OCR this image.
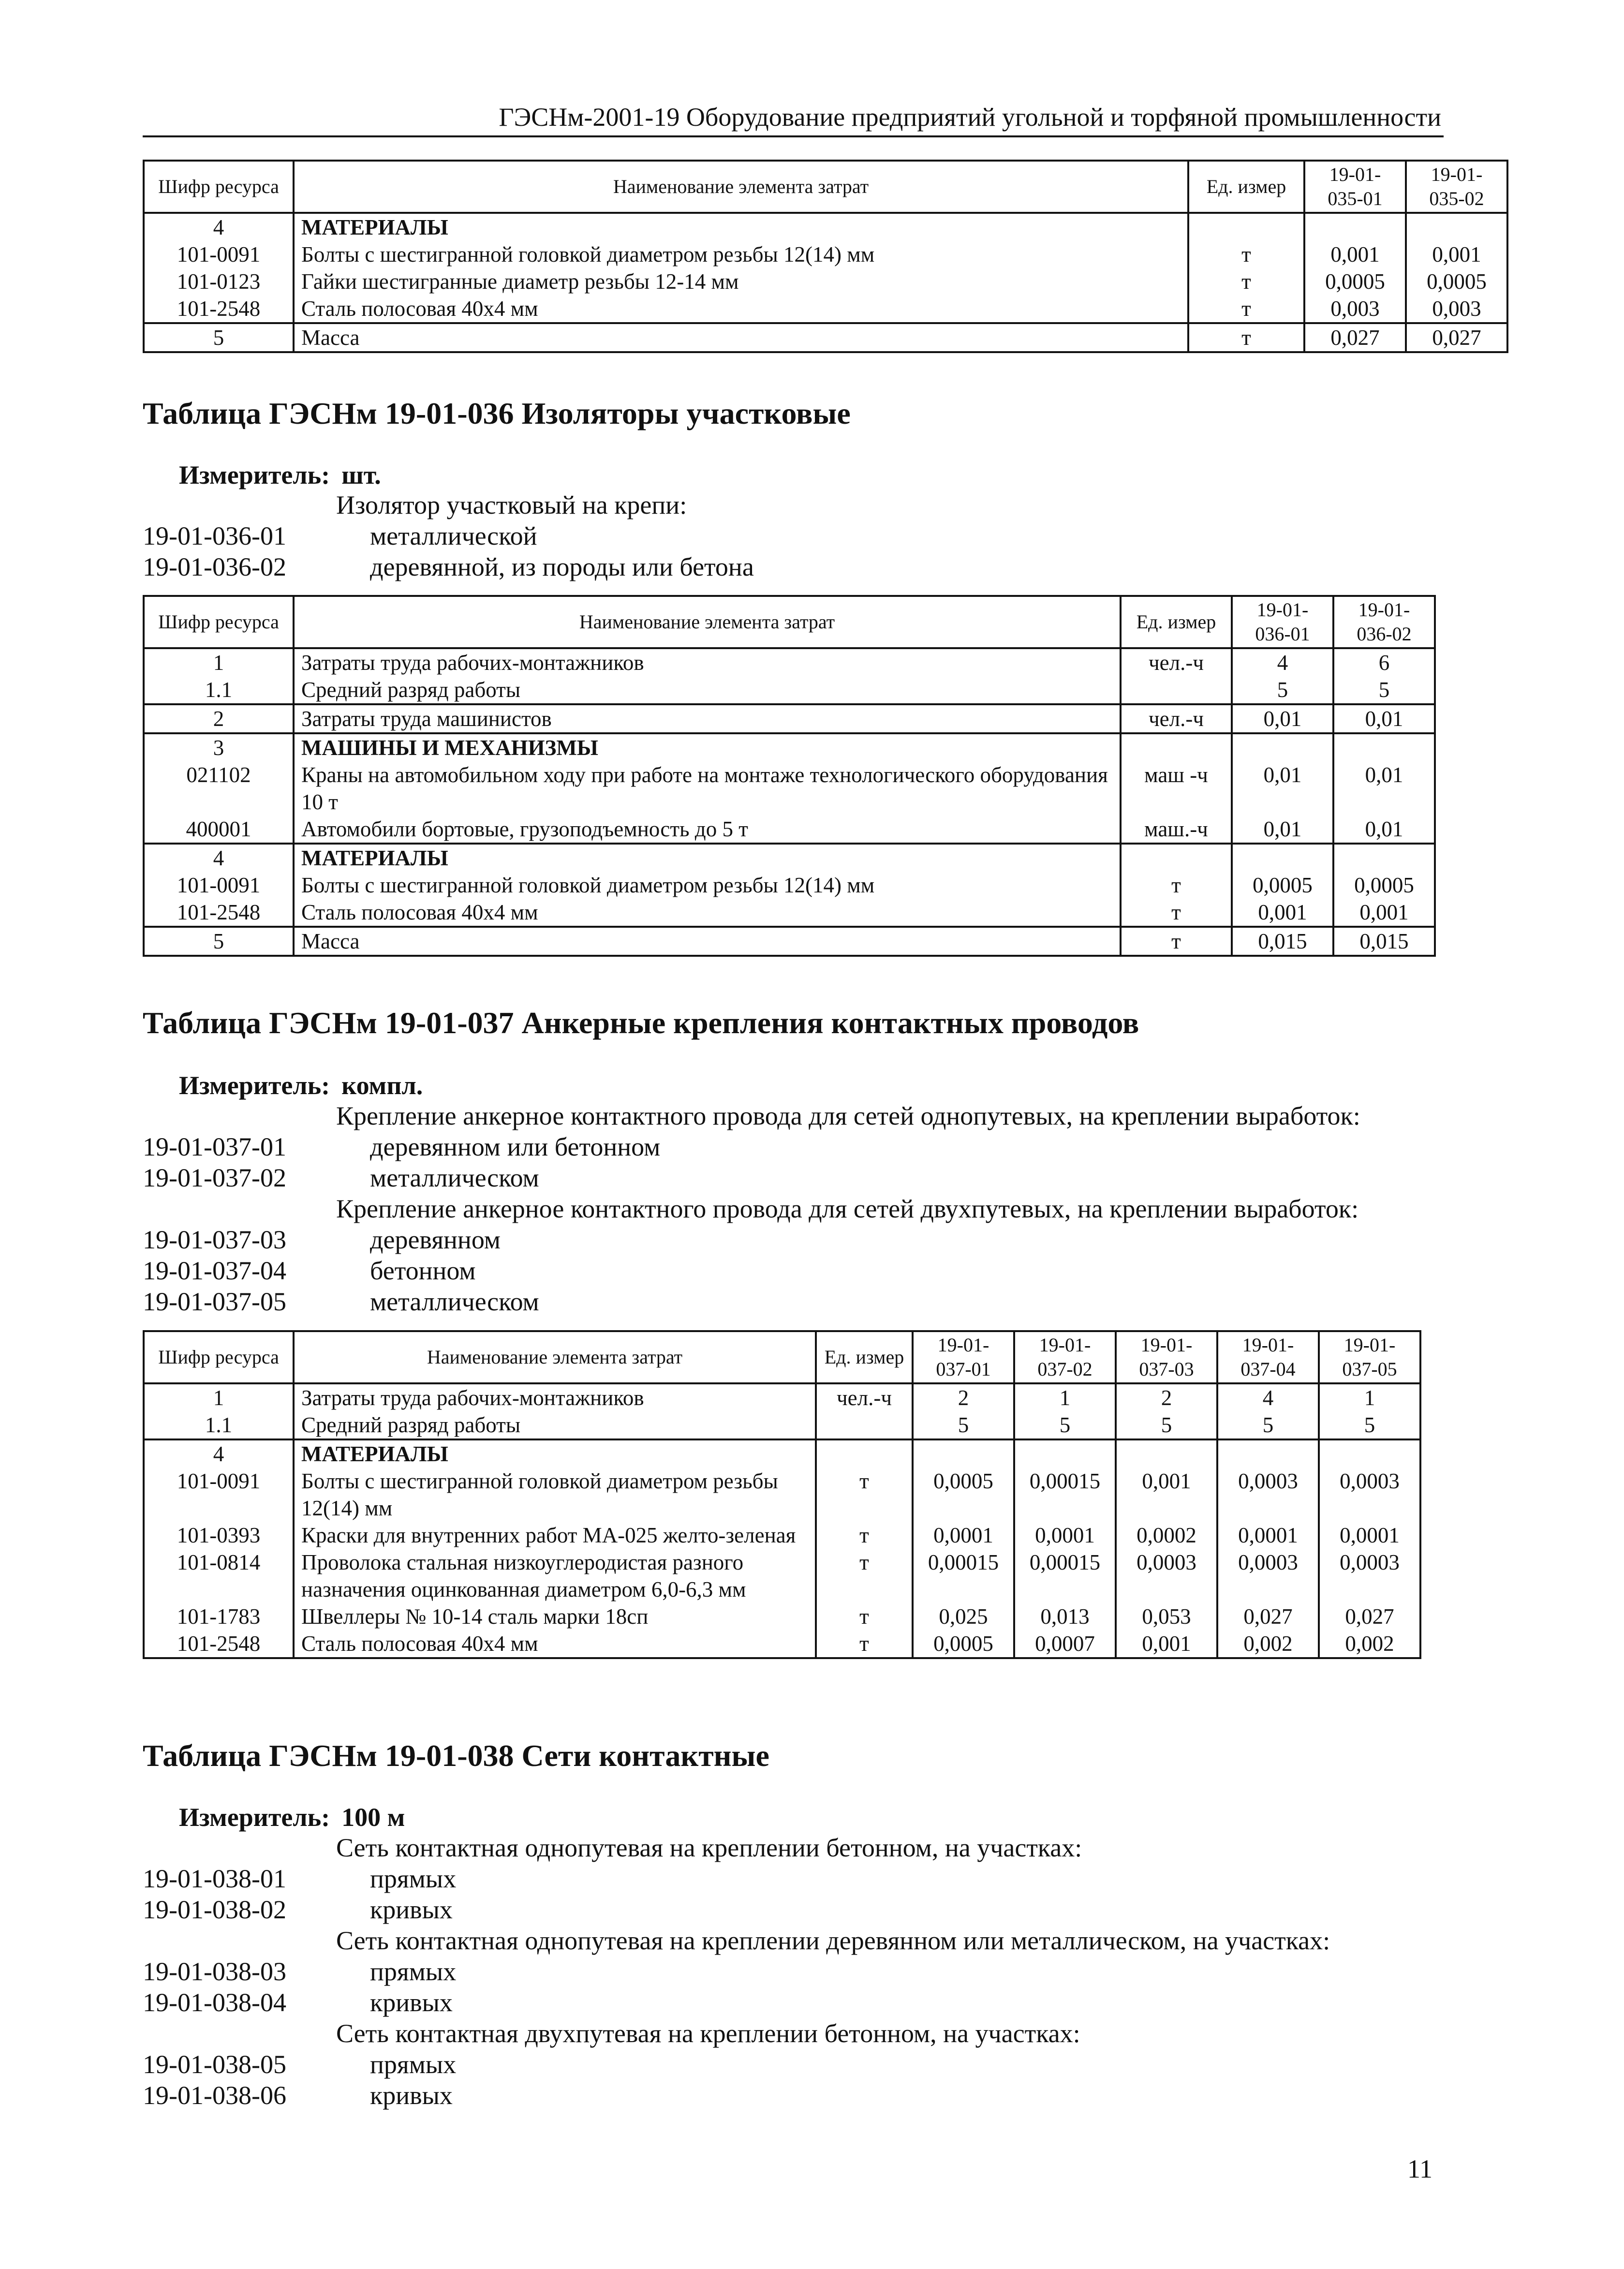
ГЭСНм-2001-19 Оборудование предприятий угольной и торфяной промышленности
Шифр ресурса	Наименование элемента затрат	Ед. измер	19-01-035-01	19-01-035-02
4	МАТЕРИАЛЫ			
101-0091	Болты с шестигранной головкой диаметром резьбы 12(14) мм	т	0,001	0,001
101-0123	Гайки шестигранные диаметр резьбы 12-14 мм	т	0,0005	0,0005
101-2548	Сталь полосовая 40х4 мм	т	0,003	0,003
5	Масса	т	0,027	0,027
Таблица ГЭСНм 19-01-036 Изоляторы участковые
Измеритель: шт.
Изолятор участковый на крепи:
19-01-036-01	металлической
19-01-036-02	деревянной, из породы или бетона
Шифр ресурса	Наименование элемента затрат	Ед. измер	19-01-036-01	19-01-036-02
1	Затраты труда рабочих-монтажников	чел.-ч	4	6
1.1	Средний разряд работы		5	5
2	Затраты труда машинистов	чел.-ч	0,01	0,01
3	МАШИНЫ И МЕХАНИЗМЫ			
021102	Краны на автомобильном ходу при работе на монтаже технологического оборудования 10 т	маш -ч	0,01	0,01
400001	Автомобили бортовые, грузоподъемность до 5 т	маш.-ч	0,01	0,01
4	МАТЕРИАЛЫ			
101-0091	Болты с шестигранной головкой диаметром резьбы 12(14) мм	т	0,0005	0,0005
101-2548	Сталь полосовая 40х4 мм	т	0,001	0,001
5	Масса	т	0,015	0,015
Таблица ГЭСНм 19-01-037 Анкерные крепления контактных проводов
Измеритель: компл.
Крепление анкерное контактного провода для сетей однопутевых, на креплении выработок:
19-01-037-01	деревянном или бетонном
19-01-037-02	металлическом
Крепление анкерное контактного провода для сетей двухпутевых, на креплении выработок:
19-01-037-03	деревянном
19-01-037-04	бетонном
19-01-037-05	металлическом
Шифр ресурса	Наименование элемента затрат	Ед. измер	19-01-037-01	19-01-037-02	19-01-037-03	19-01-037-04	19-01-037-05
1	Затраты труда рабочих-монтажников	чел.-ч	2	1	2	4	1
1.1	Средний разряд работы		5	5	5	5	5
4	МАТЕРИАЛЫ						
101-0091	Болты с шестигранной головкой диаметром резьбы 12(14) мм	т	0,0005	0,00015	0,001	0,0003	0,0003
101-0393	Краски для внутренних работ МА-025 желто-зеленая	т	0,0001	0,0001	0,0002	0,0001	0,0001
101-0814	Проволока стальная низкоуглеродистая разного назначения оцинкованная диаметром 6,0-6,3 мм	т	0,00015	0,00015	0,0003	0,0003	0,0003
101-1783	Швеллеры № 10-14 сталь марки 18сп	т	0,025	0,013	0,053	0,027	0,027
101-2548	Сталь полосовая 40х4 мм	т	0,0005	0,0007	0,001	0,002	0,002
Таблица ГЭСНм 19-01-038 Сети контактные
Измеритель: 100 м
Сеть контактная однопутевая на креплении бетонном, на участках:
19-01-038-01	прямых
19-01-038-02	кривых
Сеть контактная однопутевая на креплении деревянном или металлическом, на участках:
19-01-038-03	прямых
19-01-038-04	кривых
Сеть контактная двухпутевая на креплении бетонном, на участках:
19-01-038-05	прямых
19-01-038-06	кривых
11
